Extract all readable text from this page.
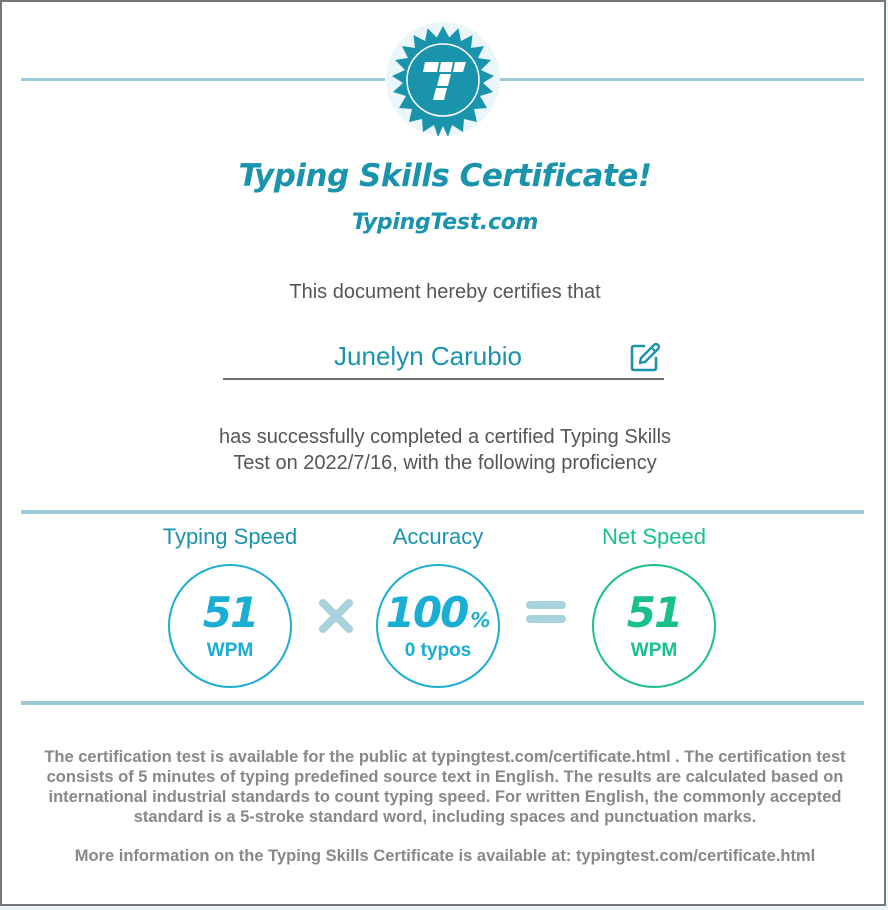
Typing Skills Certificate!
TypingTest.com
This document hereby certifies that
Junelyn Carubio
has successfully completed a certified Typing Skills
Test on 2022/7/16, with the following proficiency
Typing Speed	Accuracy	Net Speed
51
WPM
100 %
0 typos
51
WPM
The certification test is available for the public at typingtest.com/certificate.html . The certification test
consists of 5 minutes of typing predefined source text in English. The results are calculated based on
international industrial standards to count typing speed. For written English, the commonly accepted
standard is a 5-stroke standard word, including spaces and punctuation marks.
More information on the Typing Skills Certificate is available at: typingtest.com/certificate.html
